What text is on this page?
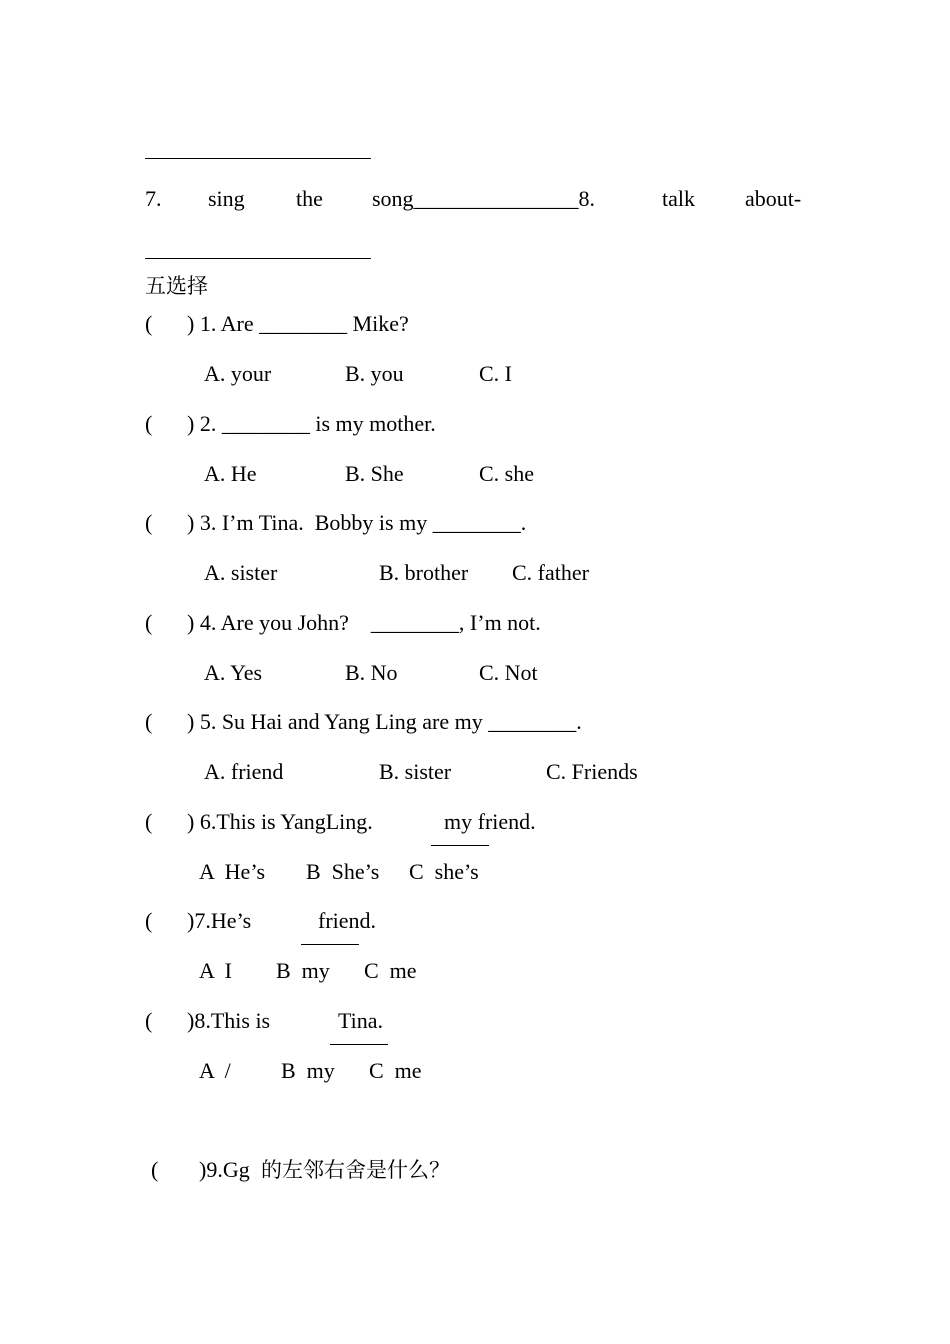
7. sing the song_______________8.	talk about-
五选择
( ) 1. Are ________ Mike?
A. your	B. you	C. I
( ) 2. ________ is my mother.
A. He	B. She	C. she
( ) 3. I’m Tina.  Bobby is my ________.
A. sister	B. brother C. father
( ) 4. Are you John?    ________, I’m not.
A. Yes	B. No	C. Not
( ) 5. Su Hai and Yang Ling are my ________.
A. friend	B. sister	C. Friends
( ) 6.This is YangLing.	my friend.
A  He’s B  She’s C  she’s
( )7.He’s	friend.
A  I B  my C  me
( )8.This is	Tina.
A  / B  my C  me
( )9.Gg 的左邻右舍是什么？
